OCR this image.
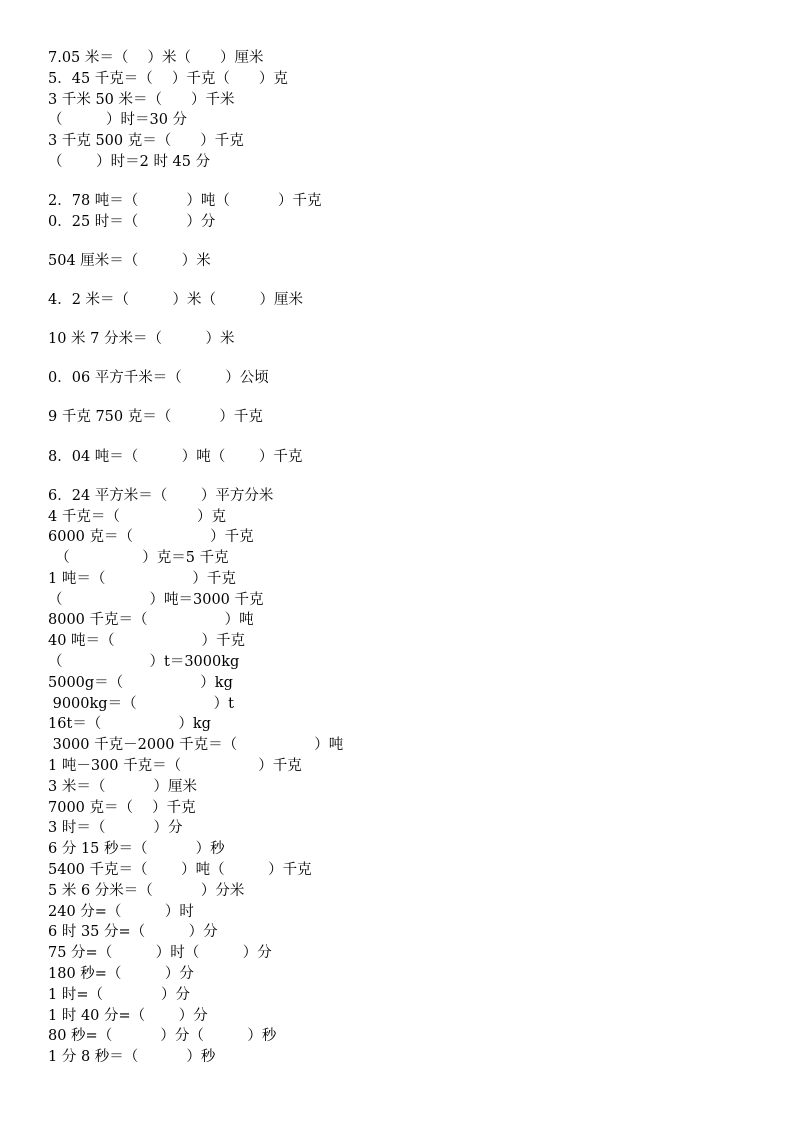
7.05 米＝（　 ）米（　　）厘米
5．45 千克＝（　 ）千克（　　）克
3 千米 50 米＝（　　）千米
（　　　）时＝30 分
3 千克 500 克＝（　　）千克
（　　 ）时＝2 时 45 分
2．78 吨＝（　　　 ）吨（　　　 ）千克
0．25 时＝（　　　 ）分
504 厘米＝（　　　）米
4．2 米＝（　　　）米（　　　）厘米
10 米 7 分米＝（　　　）米
0．06 平方千米＝（　　　）公顷
9 千克 750 克＝（　　　 ）千克
8．04 吨＝（　　　）吨（　　 ）千克
6．24 平方米＝（　　 ）平方分米
4 千克＝（　　　　　 ）克
6000 克＝（　　　　　 ）千克
　（　　　　　）克＝5 千克
1 吨＝（　　　　　　）千克
（　　　　　　）吨＝3000 千克
8000 千克＝（　　　　　 ）吨
40 吨＝（　　　　　　）千克
（　　　　　　）t＝3000kg
5000g＝（　　　　　 ）kg
9000kg＝（　　　　　 ）t
16t＝（　　　　　 ）kg
3000 千克－2000 千克＝（　　　　　 ）吨
1 吨－300 千克＝（　　　　　 ）千克
3 米＝（　　　 ）厘米
7000 克＝（　 ）千克
3 时＝（　　　 ）分
6 分 15 秒＝（　　　 ）秒
5400 千克＝（　　 ）吨（　　　）千克
5 米 6 分米＝（　　　 ）分米
240 分=（　　　）时
6 时 35 分=（　　　）分
75 分=（　　　）时（　　　）分
180 秒=（　　　）分
1 时=（　　　　）分
1 时 40 分=（　　 ）分
80 秒=（　　　 ）分（　　　）秒
1 分 8 秒＝（　　　 ）秒
